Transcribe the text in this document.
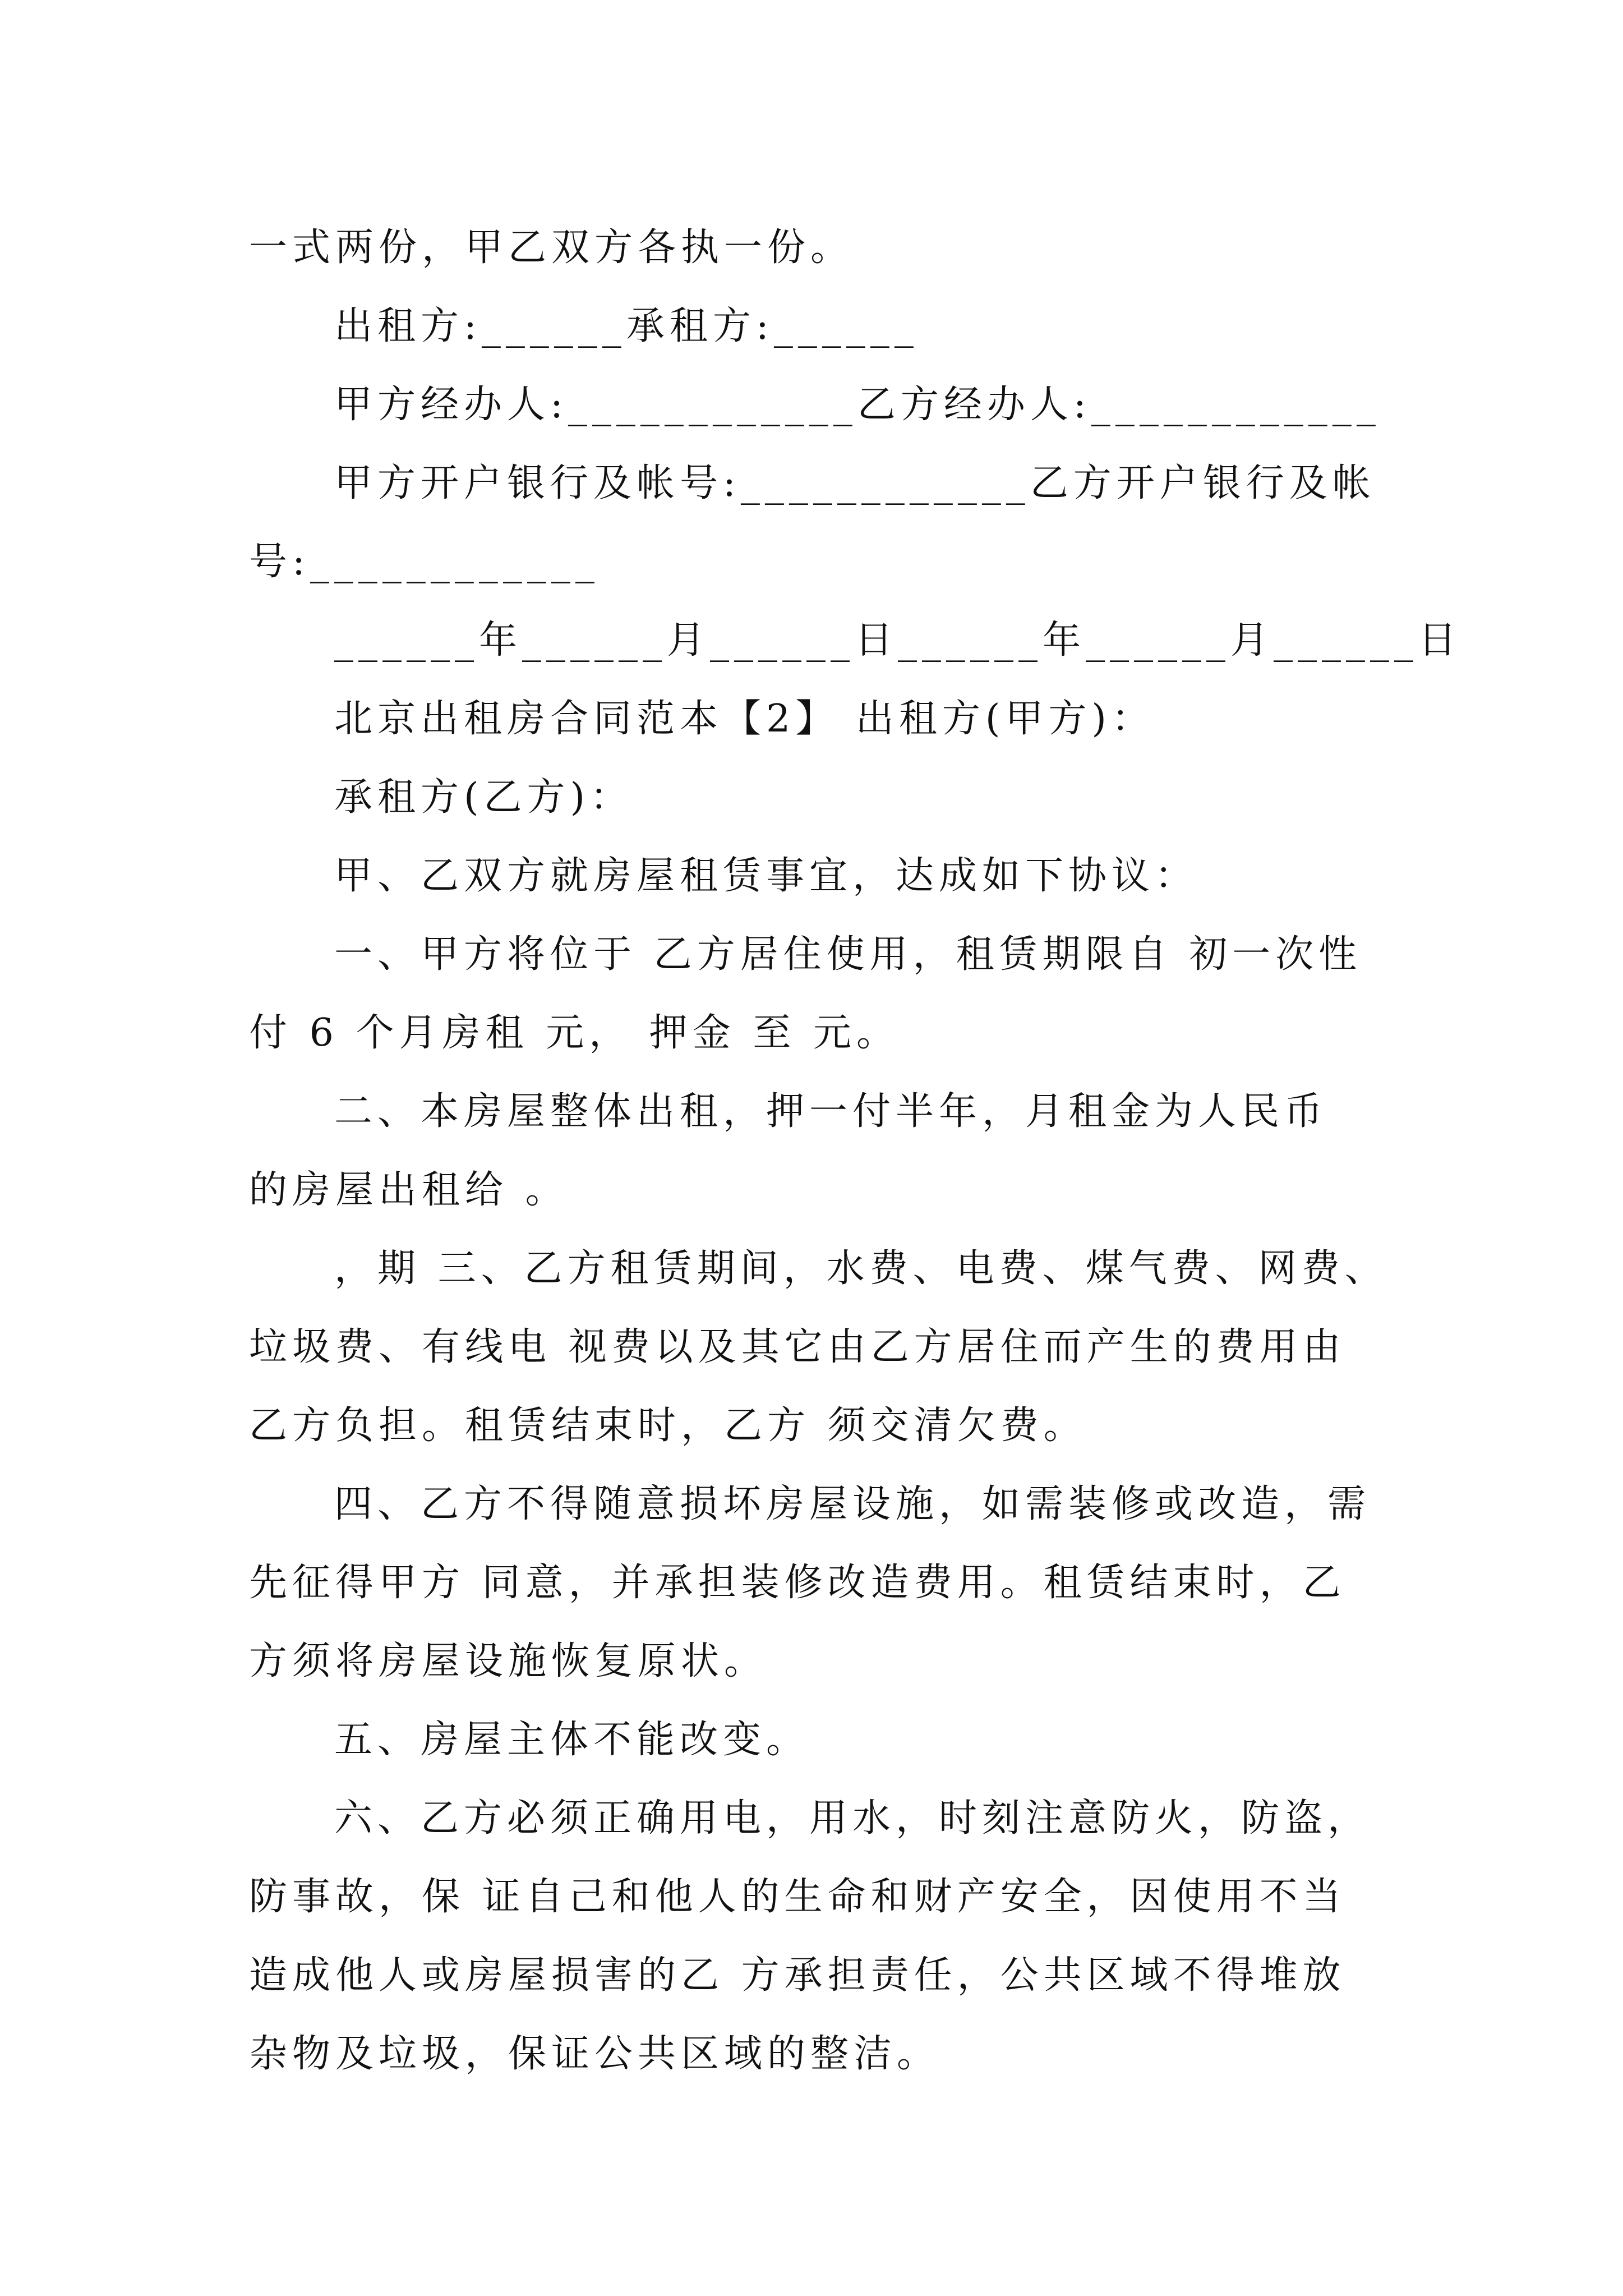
一式两份，甲乙双方各执一份。
出租方:______承租方:______
甲方经办人:____________乙方经办人:____________
甲方开户银行及帐号:____________乙方开户银行及帐
号:____________
______年______月______日______年______月______日
北京出租房合同范本【2】 出租方(甲方)：
承租方(乙方)：
甲、乙双方就房屋租赁事宜，达成如下协议：
一、甲方将位于 乙方居住使用，租赁期限自 初一次性
付 6 个月房租 元， 押金 至 元。
二、本房屋整体出租，押一付半年，月租金为人民币
的房屋出租给 。
，期 三、乙方租赁期间，水费、电费、煤气费、网费、
垃圾费、有线电 视费以及其它由乙方居住而产生的费用由
乙方负担。租赁结束时，乙方 须交清欠费。
四、乙方不得随意损坏房屋设施，如需装修或改造，需
先征得甲方 同意，并承担装修改造费用。租赁结束时，乙
方须将房屋设施恢复原状。
五、房屋主体不能改变。
六、乙方必须正确用电，用水，时刻注意防火，防盗，
防事故，保 证自己和他人的生命和财产安全，因使用不当
造成他人或房屋损害的乙 方承担责任，公共区域不得堆放
杂物及垃圾，保证公共区域的整洁。
